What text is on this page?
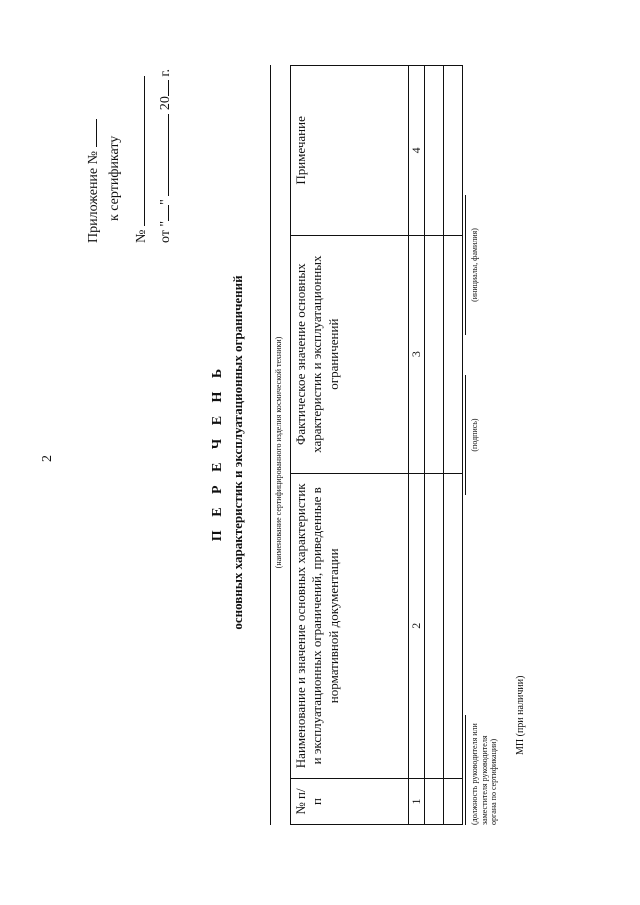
2
Приложение № к сертификату
№ от ""  20 г.
П Е Р Е Ч Е Н Ь основных характеристик и эксплуатационных ограничений	(наименование сертифицированного изделия космической техники)
№ п/п	Наименование и значение основных характеристик и эксплуатационных ограничений, приведенные в нормативной документации	Фактическое значение основных характеристик и эксплуатационных ограничений	Примечание
1	2	3	4

(должность руководителя или заместителя руководителя органа по сертификации)
(подпись)
(инициалы, фамилия)
МП (при наличии)
